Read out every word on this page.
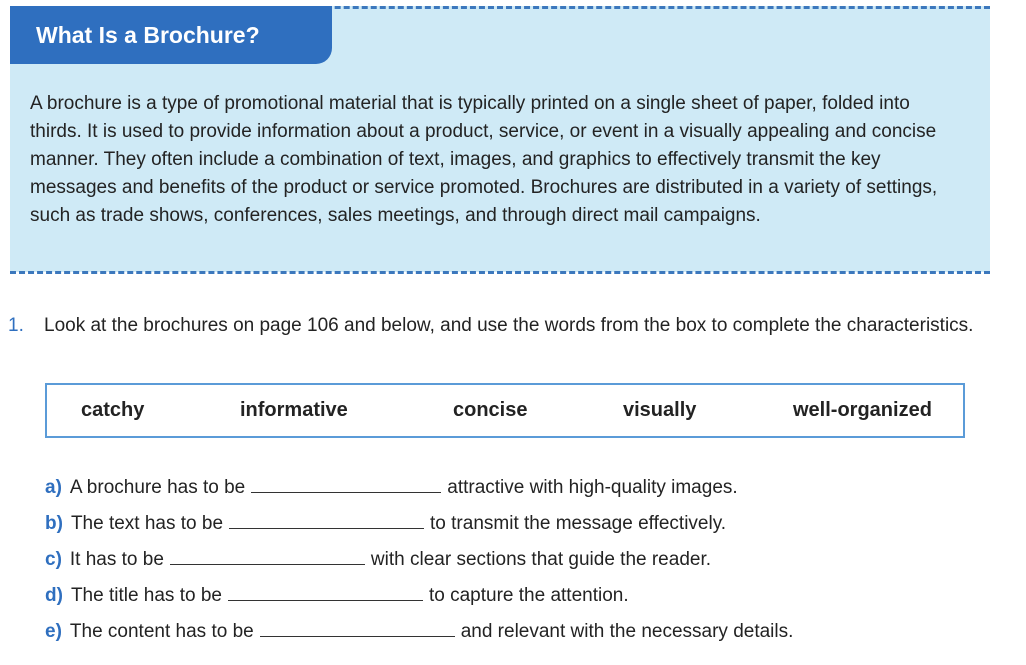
What Is a Brochure?

A brochure is a type of promotional material that is typically printed on a single sheet of paper, folded into thirds. It is used to provide information about a product, service, or event in a visually appealing and concise manner. They often include a combination of text, images, and graphics to effectively transmit the key messages and benefits of the product or service promoted. Brochures are distributed in a variety of settings, such as trade shows, conferences, sales meetings, and through direct mail campaigns.

1. Look at the brochures on page 106 and below, and use the words from the box to complete the characteristics.
catchy	informative	concise	visually	well-organized
a) A brochure has to be	attractive with high-quality images.
b) The text has to be	to transmit the message effectively.
c) It has to be	with clear sections that guide the reader.
d) The title has to be	to capture the attention.
e) The content has to be	and relevant with the necessary details.
